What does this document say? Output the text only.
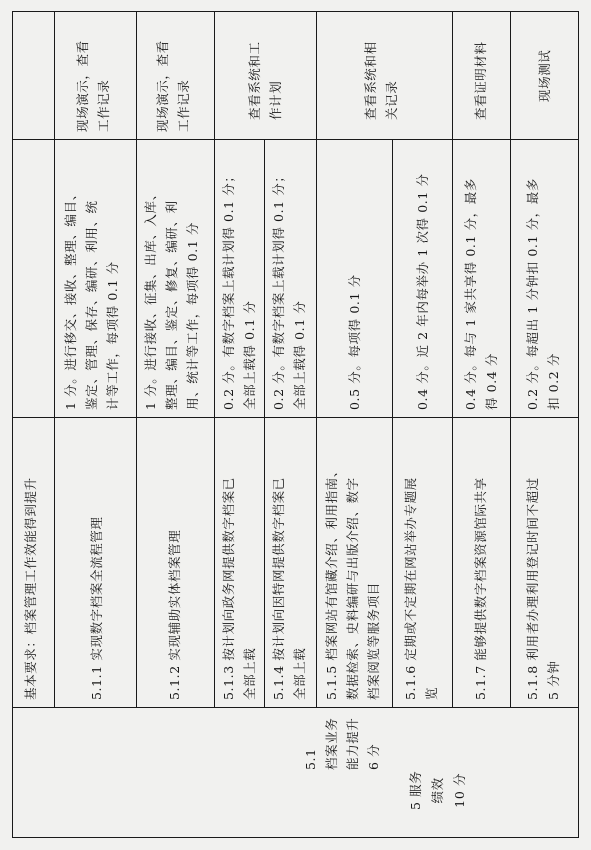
5 服务 绩效 10 分
5.1 档案业务 能力提升 6 分
基本要求：档案管理工作效能得到提升	5.1.1 实现数字档案全流程管理
1 分。进行移交、接收、整理、编目、 鉴定、管理、保存、编研、利用、统 计等工作，每项得 0.1 分
现场演示，查看 工作记录
5.1.2 实现辅助实体档案管理
1 分。进行接收、征集、出库、入库、 整理、编目、鉴定、修复、编研、利 用、统计等工作，每项得 0.1 分
现场演示，查看 工作记录
5.1.3 按计划向政务网提供数字档案已 全部上载
0.2 分。有数字档案上载计划得 0.1 分； 全部上载得 0.1 分
查看系统和工 作计划
5.1.4 按计划向因特网提供数字档案已 全部上载
0.2 分。有数字档案上载计划得 0.1 分； 全部上载得 0.1 分
5.1.5 档案网站有馆藏介绍、利用指南、 数据检索、史料编研与出版介绍、数字 档案阅览等服务项目
0.5 分。每项得 0.1 分
查看系统和相 关记录
5.1.6 定期或不定期在网站举办专题展 览
0.4 分。近 2 年内每举办 1 次得 0.1 分
5.1.7 能够提供数字档案资源馆际共享
0.4 分。每与 1 家共享得 0.1 分，最多 得 0.4 分
查看证明材料
5.1.8 利用者办理利用登记时间不超过 5 分钟
0.2 分。每超出 1 分钟扣 0.1 分，最多 扣 0.2 分
现场测试
